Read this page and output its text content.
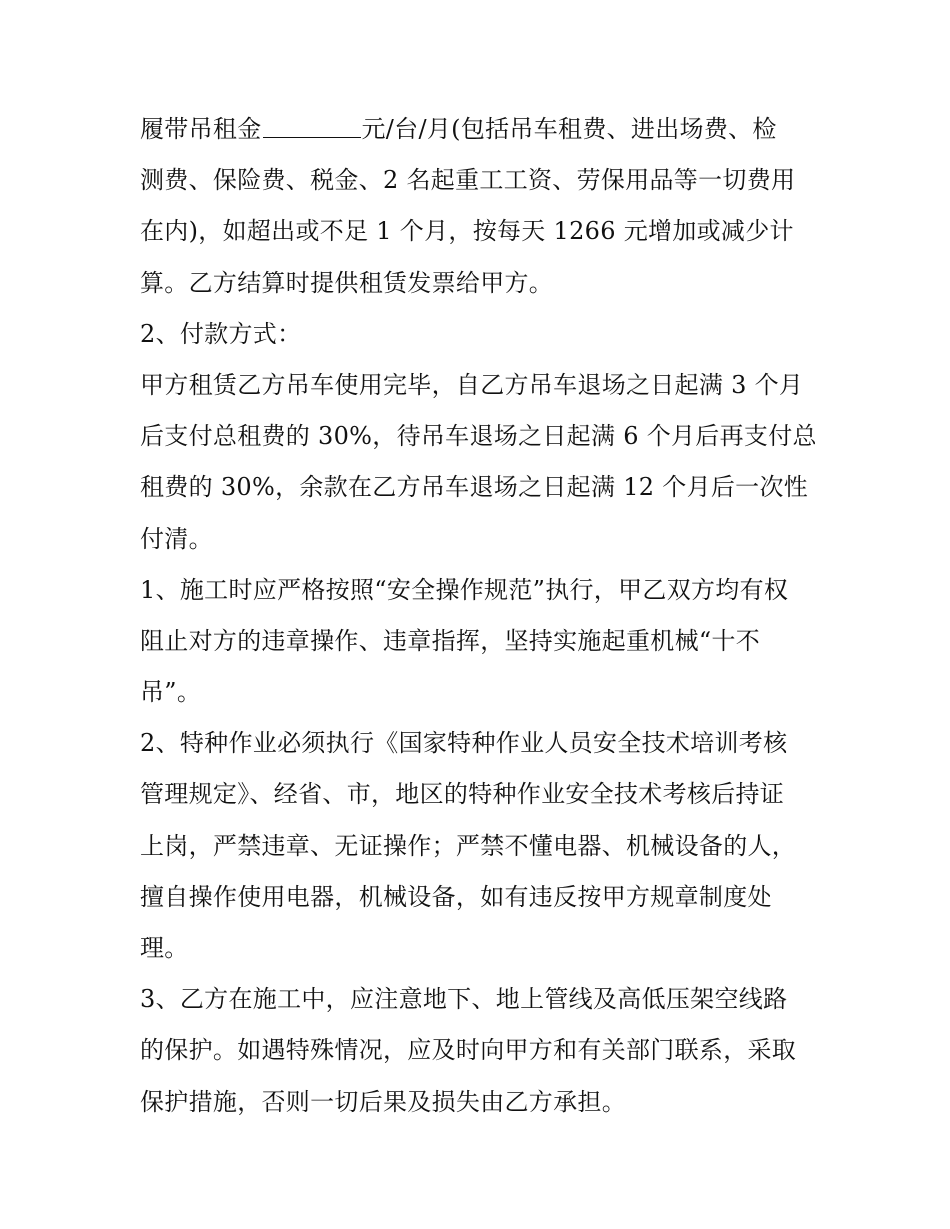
履带吊租金	元/台/月(包括吊车租费、进出场费、检
测费、保险费、税金、2 名起重工工资、劳保用品等一切费用
在内)，如超出或不足 1 个月，按每天 1266 元增加或减少计
算。乙方结算时提供租赁发票给甲方。
2、付款方式：
甲方租赁乙方吊车使用完毕，自乙方吊车退场之日起满 3 个月
后支付总租费的 30%，待吊车退场之日起满 6 个月后再支付总
租费的 30%，余款在乙方吊车退场之日起满 12 个月后一次性
付清。
1、施工时应严格按照“安全操作规范”执行，甲乙双方均有权
阻止对方的违章操作、违章指挥，坚持实施起重机械“十不
吊”。
2、特种作业必须执行《国家特种作业人员安全技术培训考核
管理规定》、经省、市，地区的特种作业安全技术考核后持证
上岗，严禁违章、无证操作；严禁不懂电器、机械设备的人，
擅自操作使用电器，机械设备，如有违反按甲方规章制度处
理。
3、乙方在施工中，应注意地下、地上管线及高低压架空线路
的保护。如遇特殊情况，应及时向甲方和有关部门联系，采取
保护措施，否则一切后果及损失由乙方承担。
